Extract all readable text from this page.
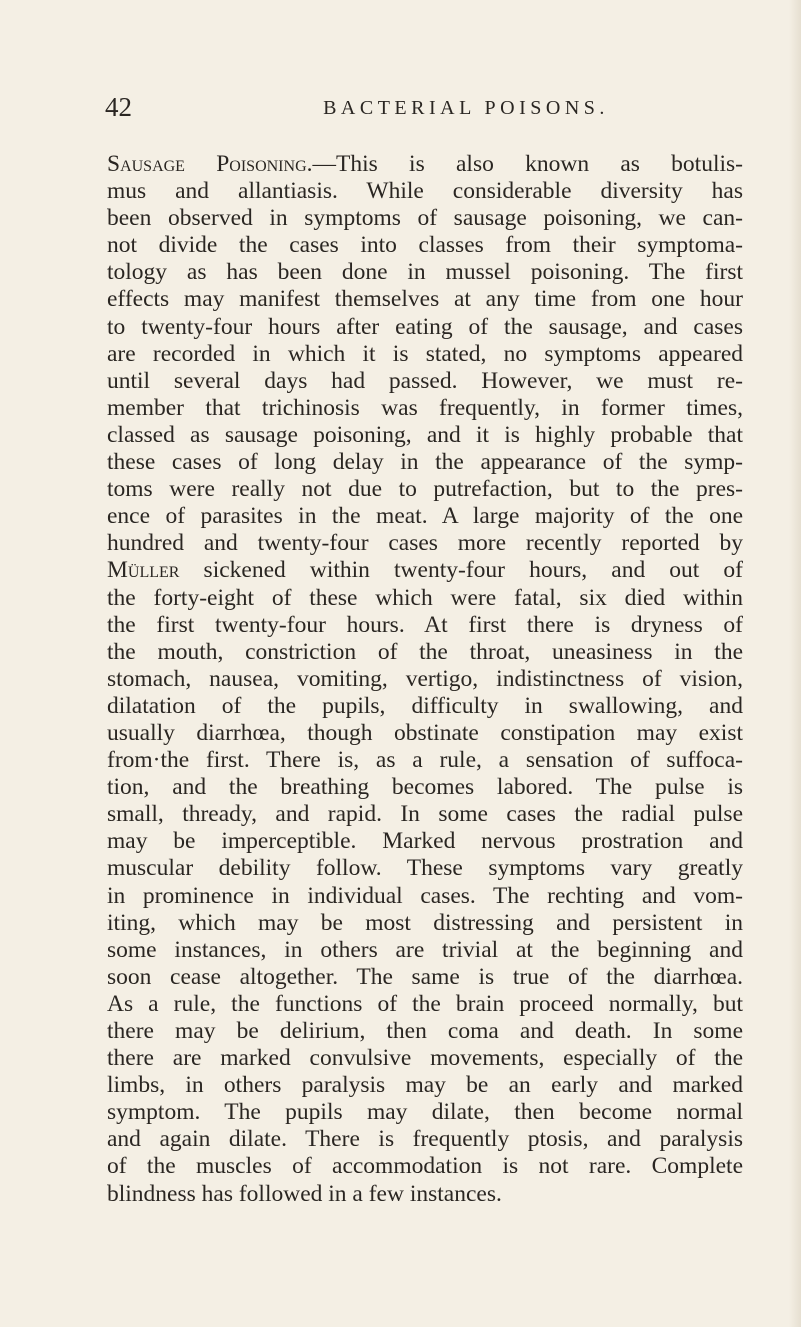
42	BACTERIAL POISONS.
Sausage Poisoning.—This is also known as botulis-
mus and allantiasis. While considerable diversity has
been observed in symptoms of sausage poisoning, we can-
not divide the cases into classes from their symptoma-
tology as has been done in mussel poisoning. The first
effects may manifest themselves at any time from one hour
to twenty-four hours after eating of the sausage, and cases
are recorded in which it is stated, no symptoms appeared
until several days had passed. However, we must re-
member that trichinosis was frequently, in former times,
classed as sausage poisoning, and it is highly probable that
these cases of long delay in the appearance of the symp-
toms were really not due to putrefaction, but to the pres-
ence of parasites in the meat. A large majority of the one
hundred and twenty-four cases more recently reported by
Müller sickened within twenty-four hours, and out of
the forty-eight of these which were fatal, six died within
the first twenty-four hours. At first there is dryness of
the mouth, constriction of the throat, uneasiness in the
stomach, nausea, vomiting, vertigo, indistinctness of vision,
dilatation of the pupils, difficulty in swallowing, and
usually diarrhœa, though obstinate constipation may exist
from·the first. There is, as a rule, a sensation of suffoca-
tion, and the breathing becomes labored. The pulse is
small, thready, and rapid. In some cases the radial pulse
may be imperceptible. Marked nervous prostration and
muscular debility follow. These symptoms vary greatly
in prominence in individual cases. The rechting and vom-
iting, which may be most distressing and persistent in
some instances, in others are trivial at the beginning and
soon cease altogether. The same is true of the diarrhœa.
As a rule, the functions of the brain proceed normally, but
there may be delirium, then coma and death. In some
there are marked convulsive movements, especially of the
limbs, in others paralysis may be an early and marked
symptom. The pupils may dilate, then become normal
and again dilate. There is frequently ptosis, and paralysis
of the muscles of accommodation is not rare. Complete
blindness has followed in a few instances.
